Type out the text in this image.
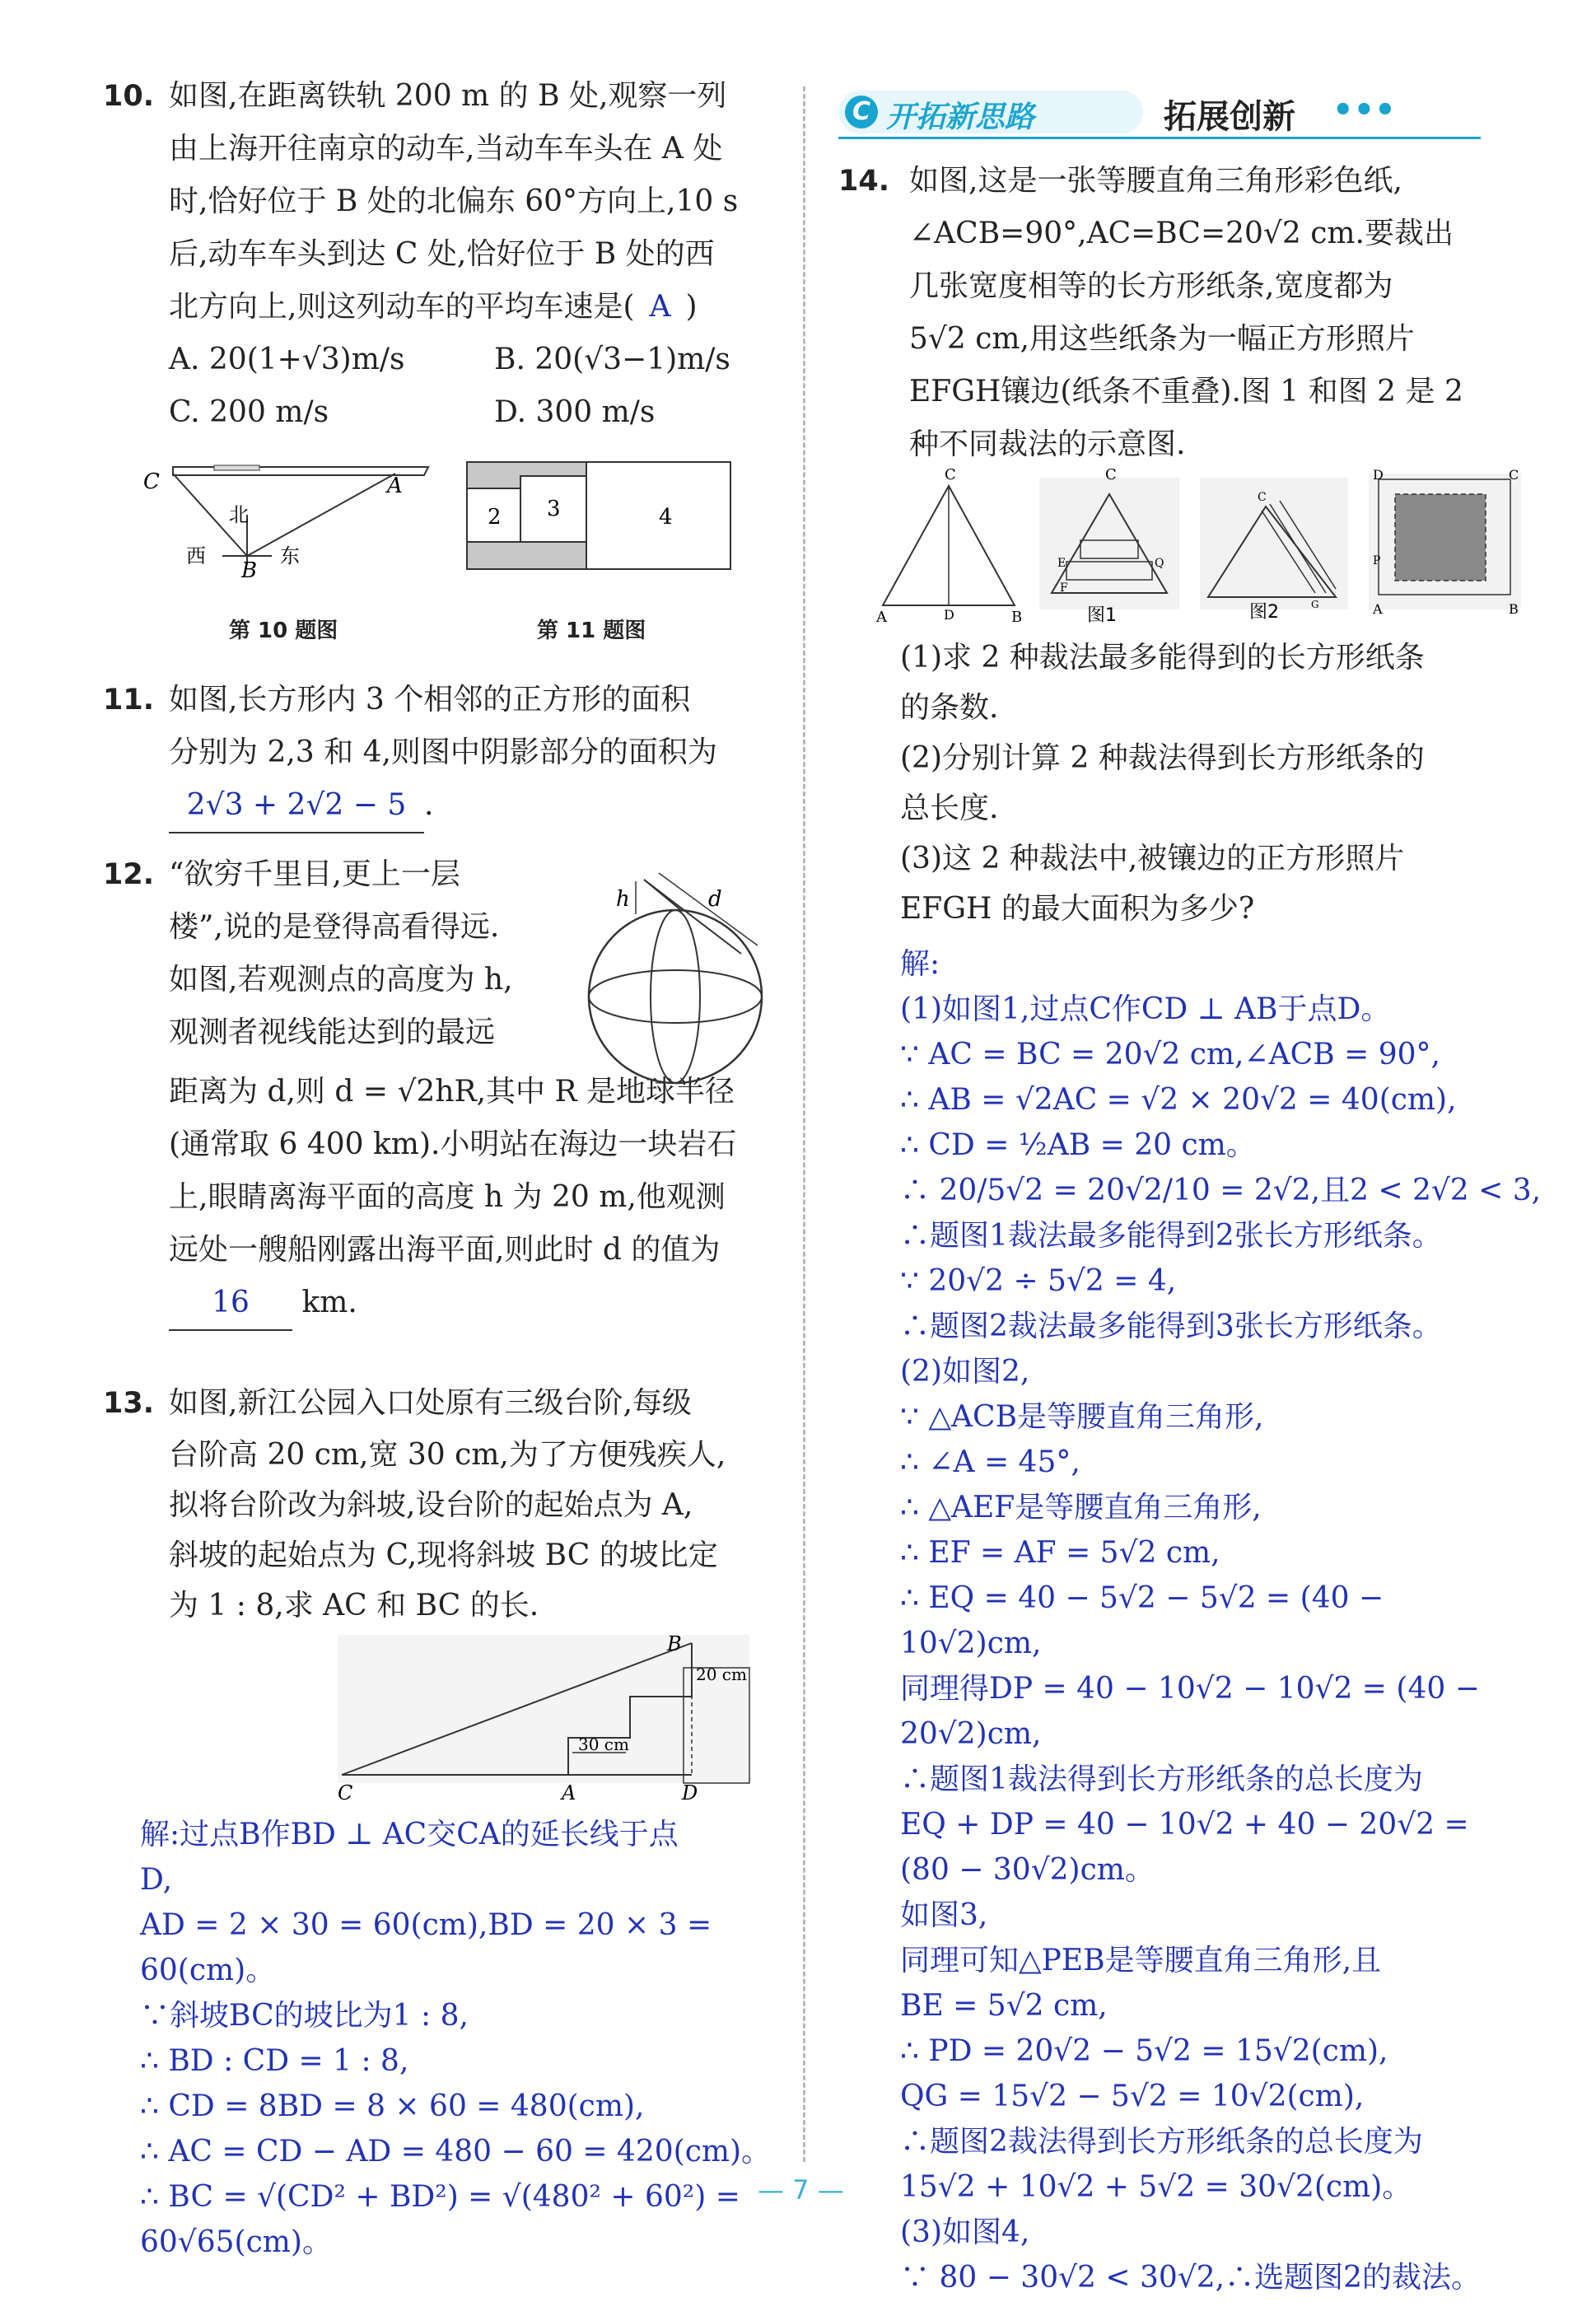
10. 如图,在距离铁轨 200 m 的 B 处,观察一列

由上海开往南京的动车,当动车车头在 A 处

时,恰好位于 B 处的北偏东 60°方向上,10 s

后,动车车头到达 C 处,恰好位于 B 处的西

北方向上,则这列动车的平均车速是( A )

A. 20(1+√3)m/s	B. 20(√3−1)m/s
C. 200 m/s	D. 300 m/s
C	A
B
北
西	东
2 3	4
第 10 题图	第 11 题图

11. 如图,长方形内 3 个相邻的正方形的面积

分别为 2,3 和 4,则图中阴影部分的面积为

2√3 + 2√2 − 5 .

12. “欲穷千里目,更上一层

楼”,说的是登得高看得远.

如图,若观测点的高度为 h,

观测者视线能达到的最远

距离为 d,则 d = √2hR,其中 R 是地球半径

(通常取 6 400 km).小明站在海边一块岩石

上,眼睛离海平面的高度 h 为 20 m,他观测

远处一艘船刚露出海平面,则此时 d 的值为

16 km.

h	d

13. 如图,新江公园入口处原有三级台阶,每级

台阶高 20 cm,宽 30 cm,为了方便残疾人,

拟将台阶改为斜坡,设台阶的起始点为 A,

斜坡的起始点为 C,现将斜坡 BC 的坡比定

为 1 : 8,求 AC 和 BC 的长.

C	A	D
B
20 cm
30 cm

解:过点B作BD ⊥ AC交CA的延长线于点

D,

AD = 2 × 30 = 60(cm),BD = 20 × 3 =

60(cm)。

∵斜坡BC的坡比为1 : 8,

∴ BD : CD = 1 : 8,

∴ CD = 8BD = 8 × 60 = 480(cm),

∴ AC = CD − AD = 480 − 60 = 420(cm)。

∴ BC = √(CD² + BD²) = √(480² + 60²) =

60√65(cm)。

C 开拓新思路	拓展创新 •••

14. 如图,这是一张等腰直角三角形彩色纸,

∠ACB=90°,AC=BC=20√2 cm.要裁出

几张宽度相等的长方形纸条,宽度都为

5√2 cm,用这些纸条为一幅正方形照片

EFGH镶边(纸条不重叠).图 1 和图 2 是 2

种不同裁法的示意图.

C
A	D	B
C
E
F
Q
图1
C
图2	G
D	C
A	B
P

(1)求 2 种裁法最多能得到的长方形纸条

的条数.

(2)分别计算 2 种裁法得到长方形纸条的

总长度.

(3)这 2 种裁法中,被镶边的正方形照片

EFGH 的最大面积为多少?

解:

(1)如图1,过点C作CD ⊥ AB于点D。

∵ AC = BC = 20√2 cm,∠ACB = 90°,

∴ AB = √2AC = √2 × 20√2 = 40(cm),

∴ CD = ½AB = 20 cm。

∴ 20/5√2 = 20√2/10 = 2√2,且2 < 2√2 < 3,

∴题图1裁法最多能得到2张长方形纸条。

∵ 20√2 ÷ 5√2 = 4,

∴题图2裁法最多能得到3张长方形纸条。

(2)如图2,

∵ △ACB是等腰直角三角形,

∴ ∠A = 45°,

∴ △AEF是等腰直角三角形,

∴ EF = AF = 5√2 cm,

∴ EQ = 40 − 5√2 − 5√2 = (40 −

10√2)cm,

同理得DP = 40 − 10√2 − 10√2 = (40 −

20√2)cm,

∴题图1裁法得到长方形纸条的总长度为

EQ + DP = 40 − 10√2 + 40 − 20√2 =

(80 − 30√2)cm。

如图3,

同理可知△PEB是等腰直角三角形,且

BE = 5√2 cm,

∴ PD = 20√2 − 5√2 = 15√2(cm),

QG = 15√2 − 5√2 = 10√2(cm),

∴题图2裁法得到长方形纸条的总长度为

15√2 + 10√2 + 5√2 = 30√2(cm)。

(3)如图4,

∵ 80 − 30√2 < 30√2,∴选题图2的裁法。

— 7 —
